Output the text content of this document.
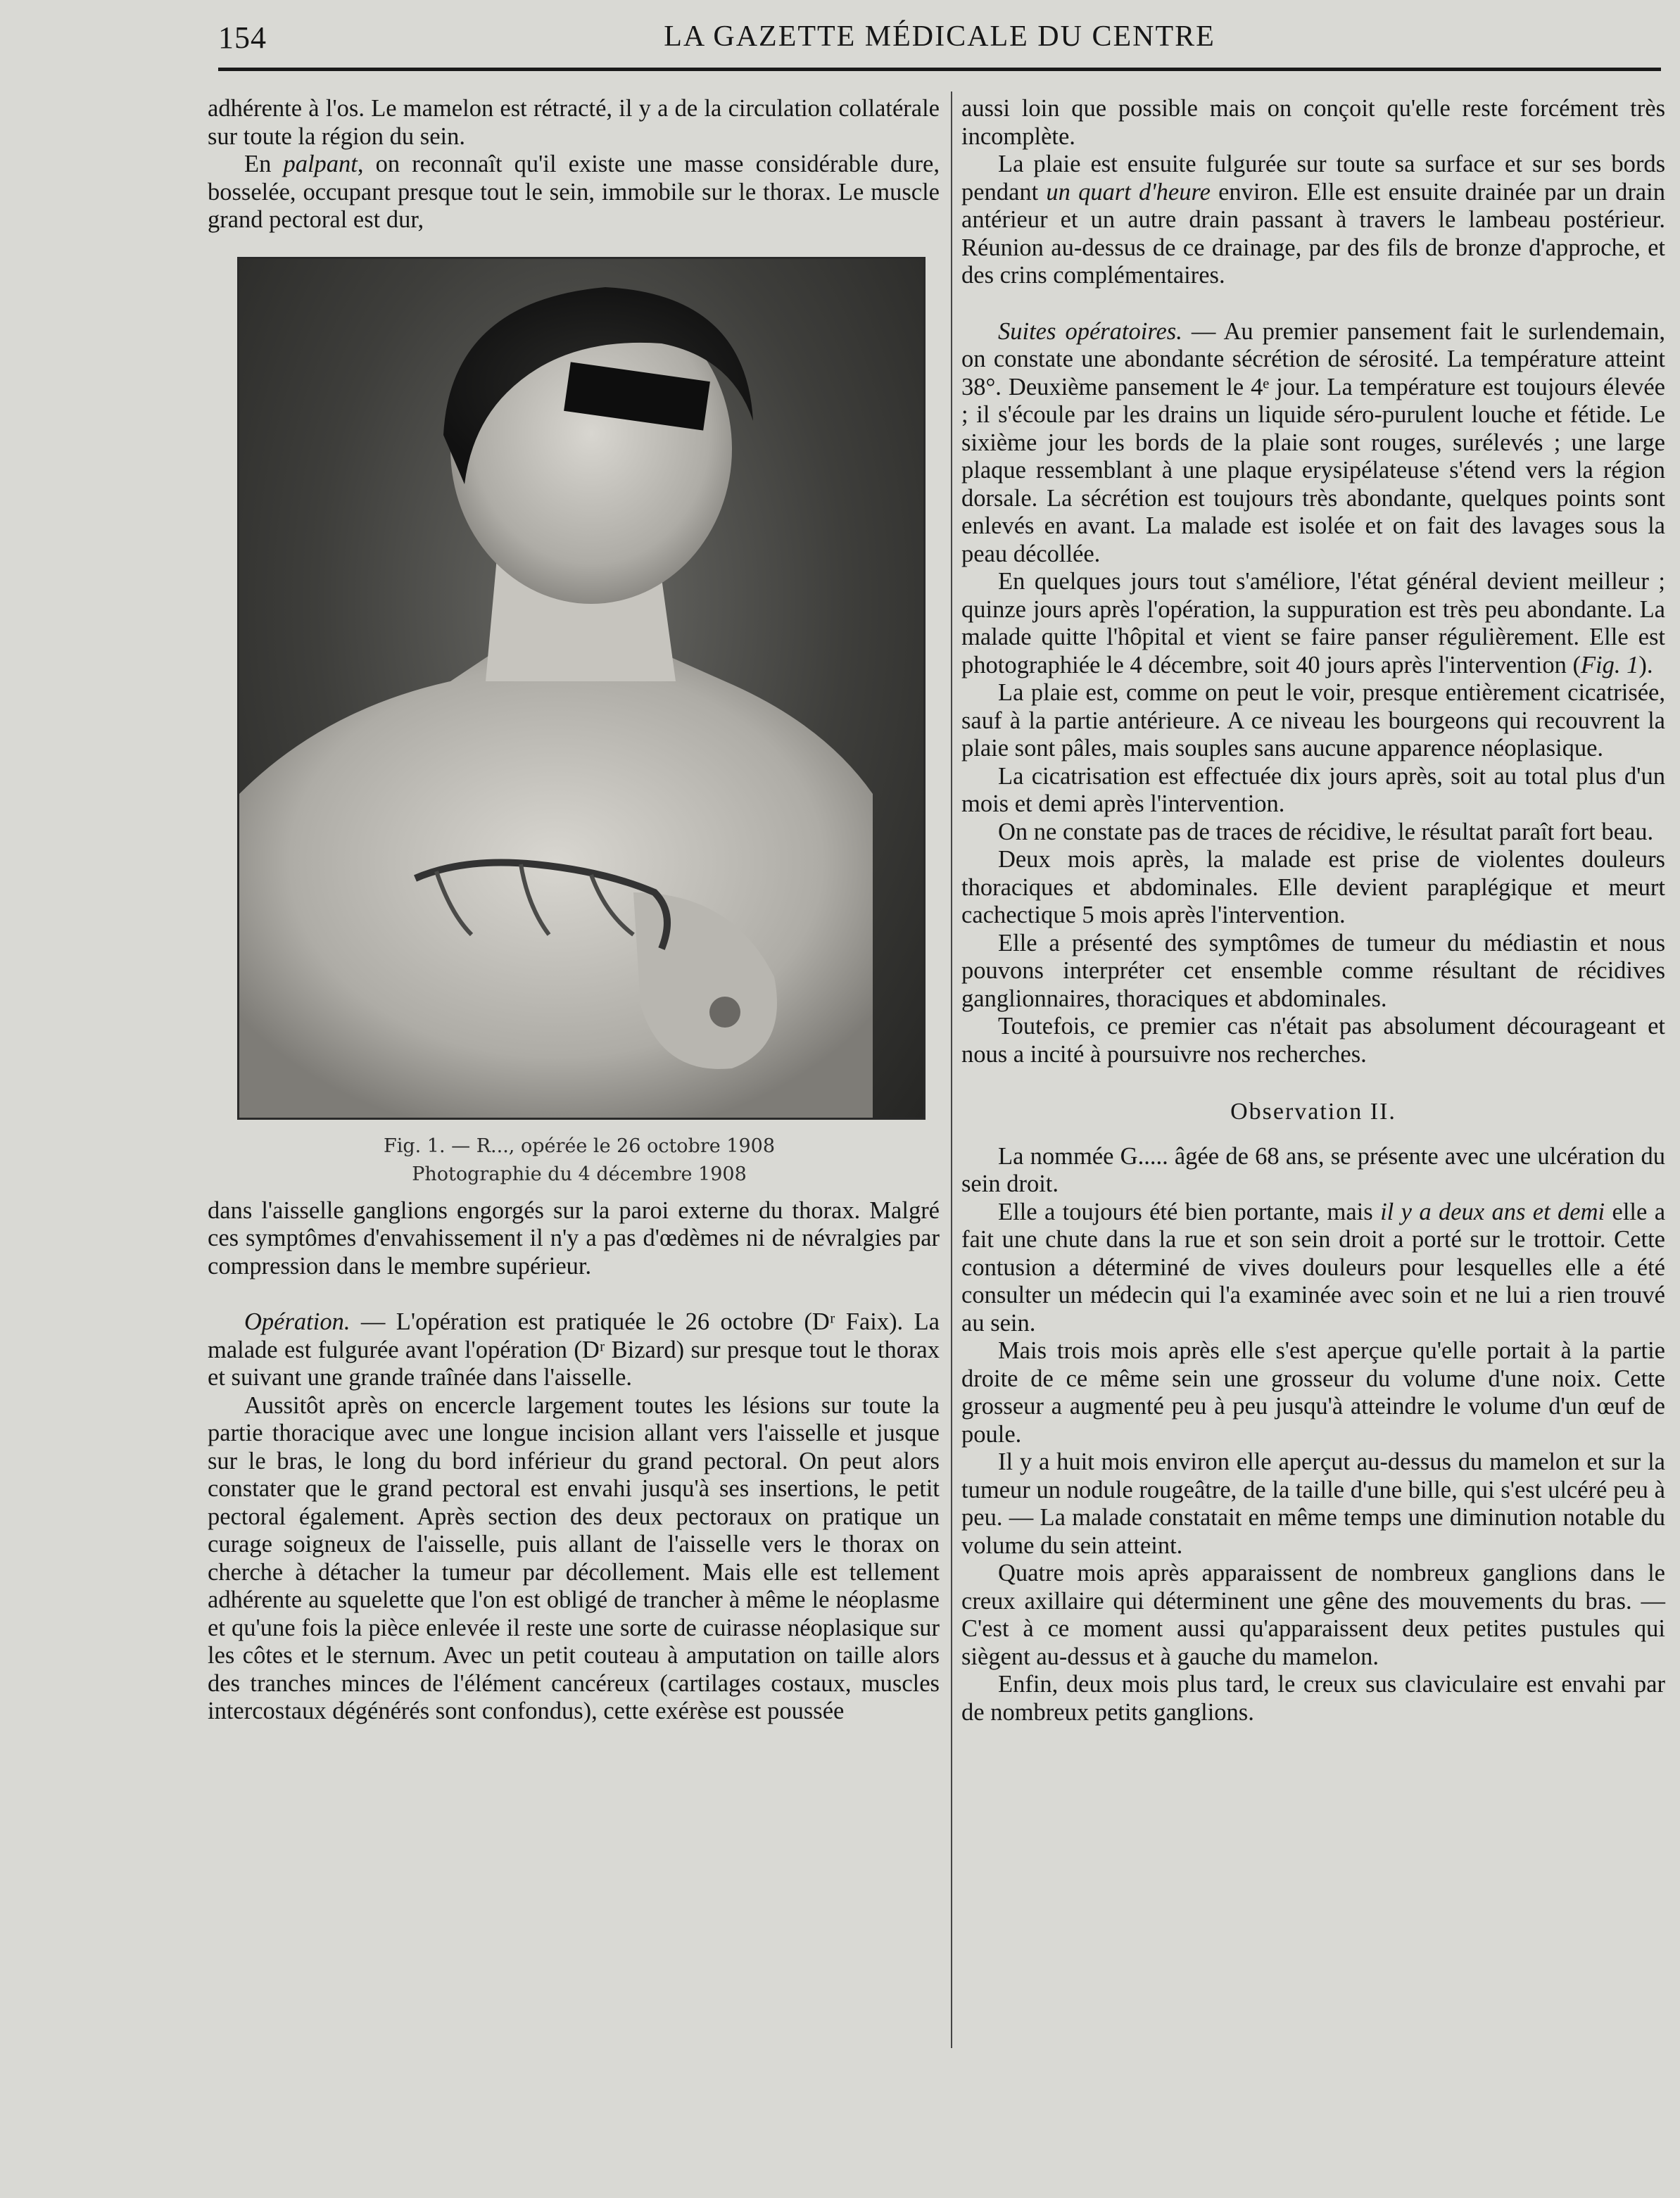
154	LA GAZETTE MÉDICALE DU CENTRE

adhérente à l'os. Le mamelon est rétracté, il y a de la circulation collatérale sur toute la région du sein.

En palpant, on reconnaît qu'il existe une masse considérable dure, bosselée, occupant presque tout le sein, immobile sur le thorax. Le muscle grand pectoral est dur,

Fig. 1. — R..., opérée le 26 octobre 1908
Photographie du 4 décembre 1908

dans l'aisselle ganglions engorgés sur la paroi externe du thorax. Malgré ces symptômes d'envahissement il n'y a pas d'œdèmes ni de névralgies par compression dans le membre supérieur.

Opération. — L'opération est pratiquée le 26 octobre (Dʳ Faix). La malade est fulgurée avant l'opération (Dʳ Bizard) sur presque tout le thorax et suivant une grande traînée dans l'aisselle.

Aussitôt après on encercle largement toutes les lésions sur toute la partie thoracique avec une longue incision allant vers l'aisselle et jusque sur le bras, le long du bord inférieur du grand pectoral. On peut alors constater que le grand pectoral est envahi jusqu'à ses insertions, le petit pectoral également. Après section des deux pectoraux on pratique un curage soigneux de l'aisselle, puis allant de l'aisselle vers le thorax on cherche à détacher la tumeur par décollement. Mais elle est tellement adhérente au squelette que l'on est obligé de trancher à même le néoplasme et qu'une fois la pièce enlevée il reste une sorte de cuirasse néoplasique sur les côtes et le sternum. Avec un petit couteau à amputation on taille alors des tranches minces de l'élément cancéreux (cartilages costaux, muscles intercostaux dégénérés sont confondus), cette exérèse est poussée

aussi loin que possible mais on conçoit qu'elle reste forcément très incomplète.

La plaie est ensuite fulgurée sur toute sa surface et sur ses bords pendant un quart d'heure environ. Elle est ensuite drainée par un drain antérieur et un autre drain passant à travers le lambeau postérieur. Réunion au-dessus de ce drainage, par des fils de bronze d'approche, et des crins complémentaires.

Suites opératoires. — Au premier pansement fait le surlendemain, on constate une abondante sécrétion de sérosité. La température atteint 38°. Deuxième pansement le 4ᵉ jour. La température est toujours élevée ; il s'écoule par les drains un liquide séro-purulent louche et fétide. Le sixième jour les bords de la plaie sont rouges, surélevés ; une large plaque ressemblant à une plaque erysipélateuse s'étend vers la région dorsale. La sécrétion est toujours très abondante, quelques points sont enlevés en avant. La malade est isolée et on fait des lavages sous la peau décollée.

En quelques jours tout s'améliore, l'état général devient meilleur ; quinze jours après l'opération, la suppuration est très peu abondante. La malade quitte l'hôpital et vient se faire panser régulièrement. Elle est photographiée le 4 décembre, soit 40 jours après l'intervention (Fig. 1).

La plaie est, comme on peut le voir, presque entièrement cicatrisée, sauf à la partie antérieure. A ce niveau les bourgeons qui recouvrent la plaie sont pâles, mais souples sans aucune apparence néoplasique.

La cicatrisation est effectuée dix jours après, soit au total plus d'un mois et demi après l'intervention.

On ne constate pas de traces de récidive, le résultat paraît fort beau.

Deux mois après, la malade est prise de violentes douleurs thoraciques et abdominales. Elle devient paraplégique et meurt cachectique 5 mois après l'intervention.

Elle a présenté des symptômes de tumeur du médiastin et nous pouvons interpréter cet ensemble comme résultant de récidives ganglionnaires, thoraciques et abdominales.

Toutefois, ce premier cas n'était pas absolument décourageant et nous a incité à poursuivre nos recherches.

Observation II.

La nommée G..... âgée de 68 ans, se présente avec une ulcération du sein droit.

Elle a toujours été bien portante, mais il y a deux ans et demi elle a fait une chute dans la rue et son sein droit a porté sur le trottoir. Cette contusion a déterminé de vives douleurs pour lesquelles elle a été consulter un médecin qui l'a examinée avec soin et ne lui a rien trouvé au sein.

Mais trois mois après elle s'est aperçue qu'elle portait à la partie droite de ce même sein une grosseur du volume d'une noix. Cette grosseur a augmenté peu à peu jusqu'à atteindre le volume d'un œuf de poule.

Il y a huit mois environ elle aperçut au-dessus du mamelon et sur la tumeur un nodule rougeâtre, de la taille d'une bille, qui s'est ulcéré peu à peu. — La malade constatait en même temps une diminution notable du volume du sein atteint.

Quatre mois après apparaissent de nombreux ganglions dans le creux axillaire qui déterminent une gêne des mouvements du bras. — C'est à ce moment aussi qu'apparaissent deux petites pustules qui siègent au-dessus et à gauche du mamelon.

Enfin, deux mois plus tard, le creux sus claviculaire est envahi par de nombreux petits ganglions.
